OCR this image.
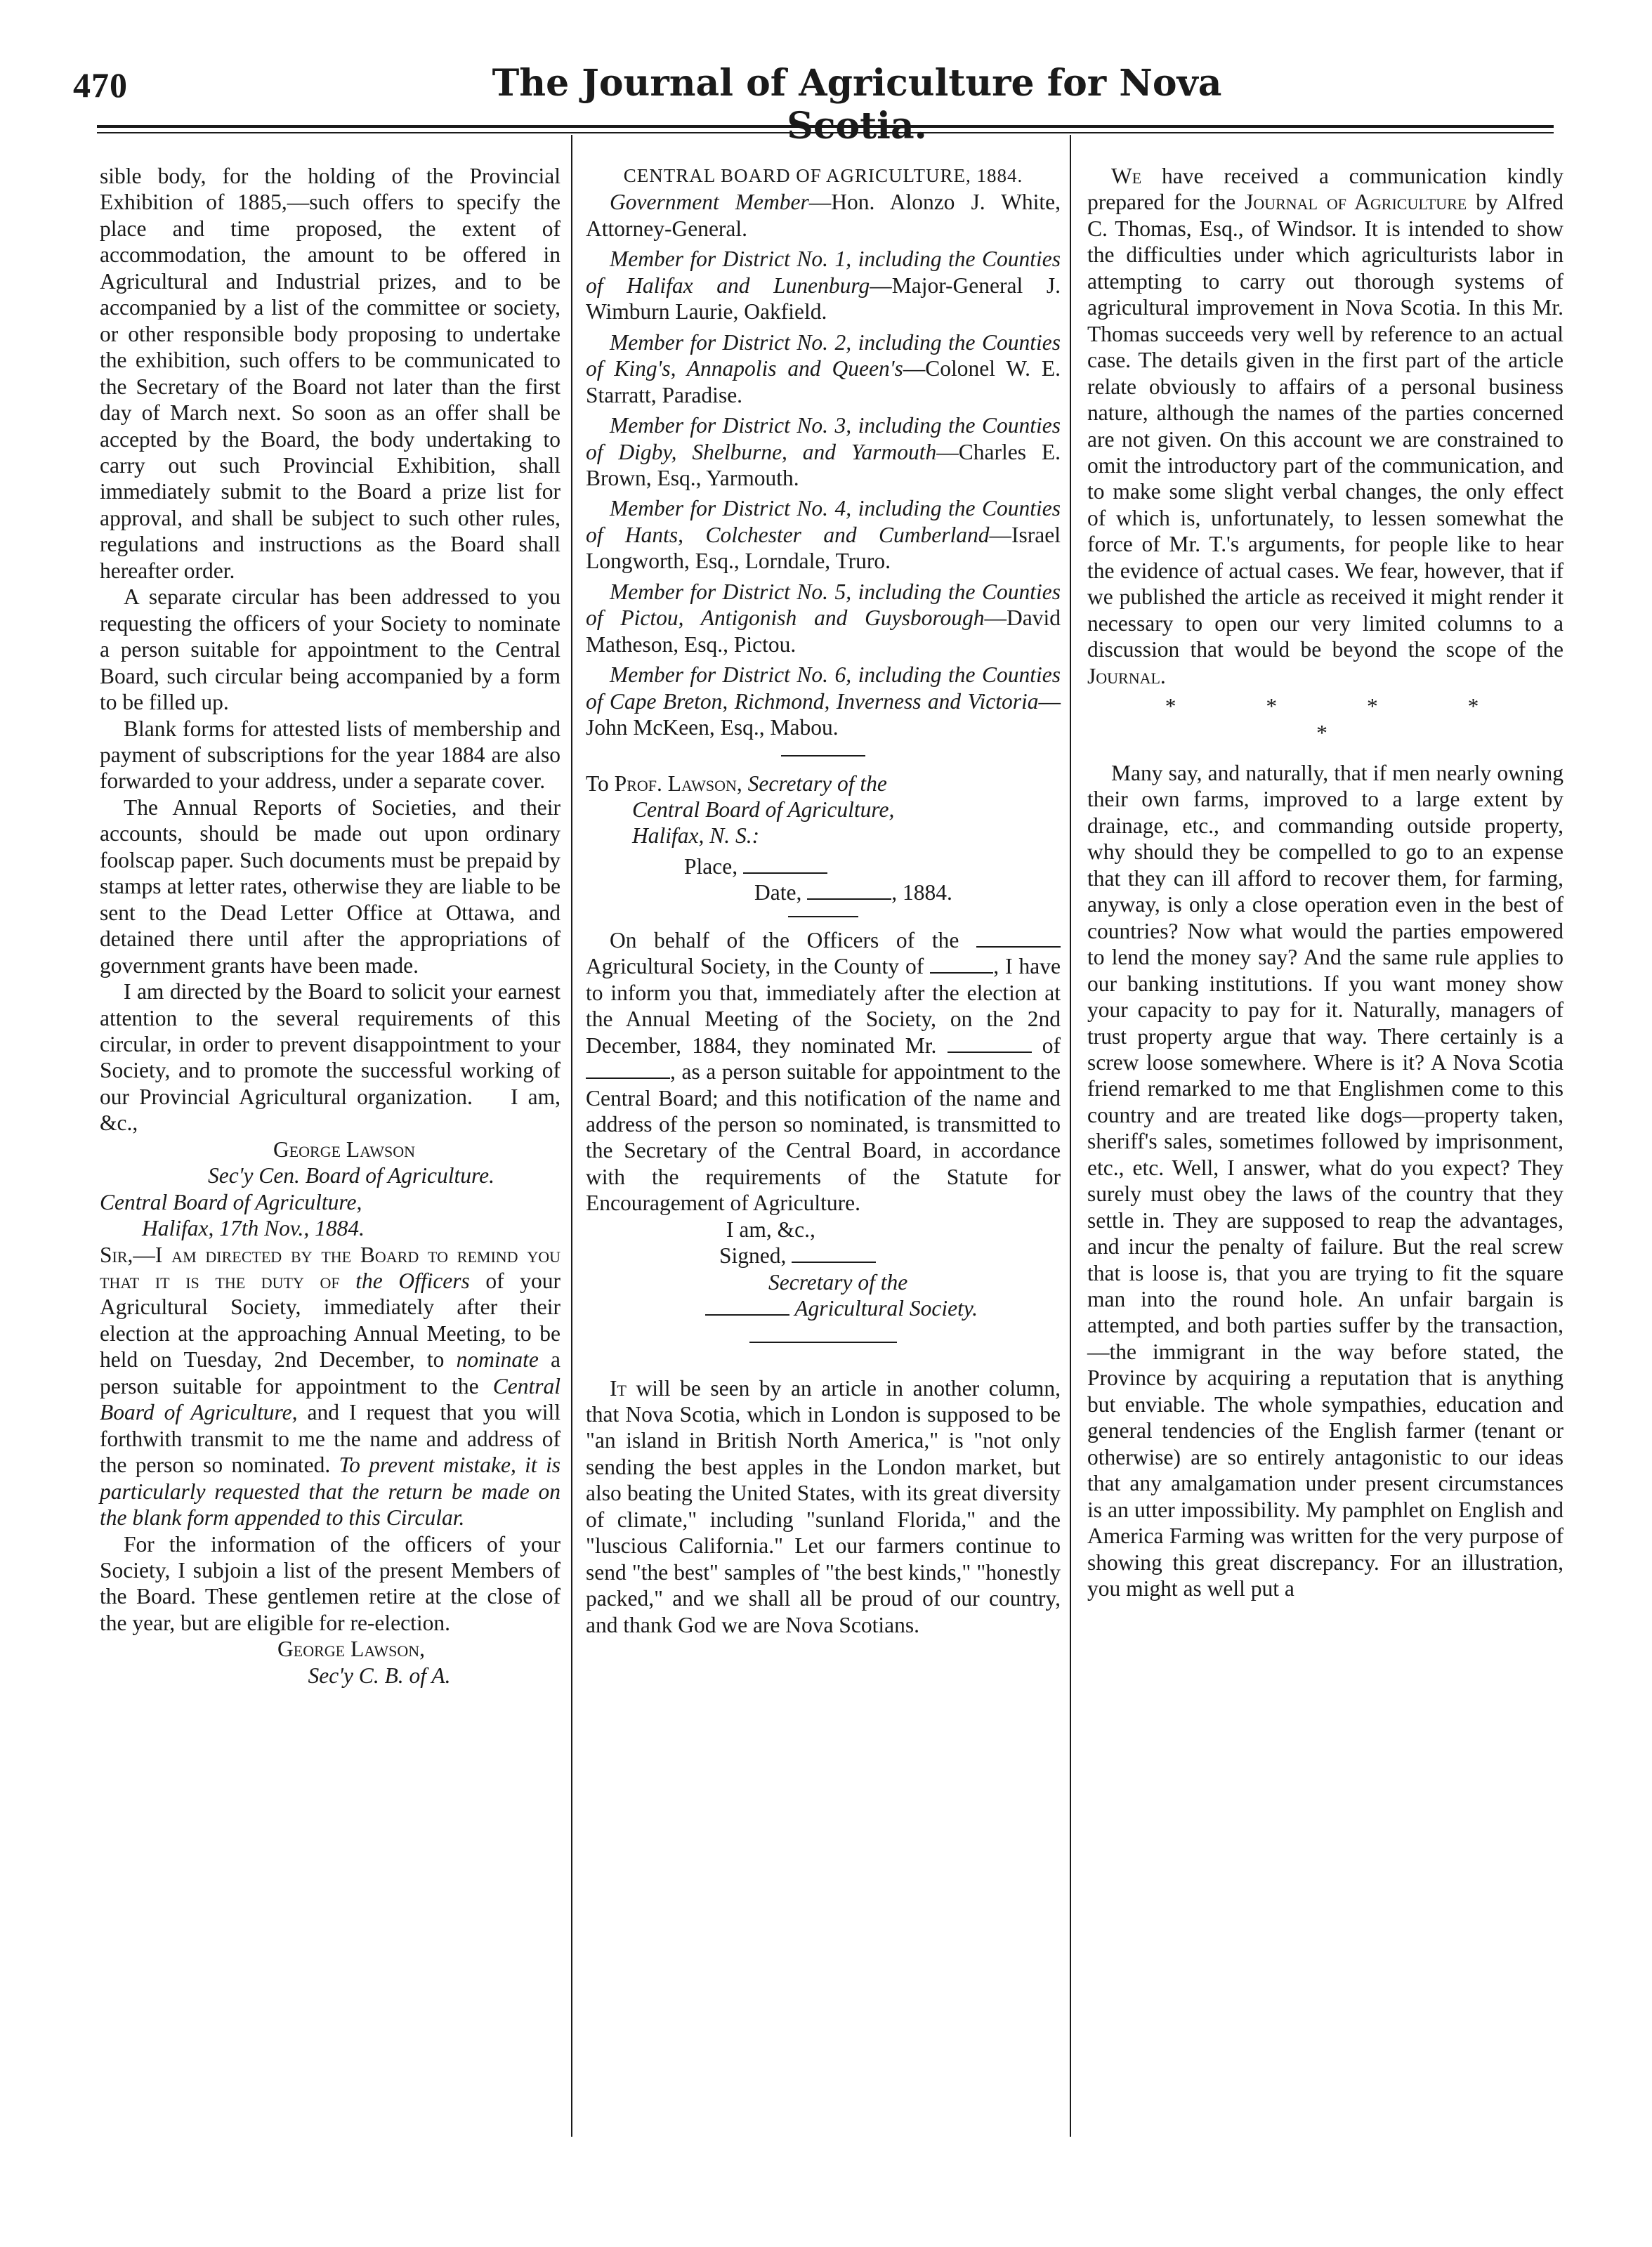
470	The Journal of Agriculture for Nova

sible body, for the holding of the Provincial Exhibition of 1885,—such offers to specify the place and time proposed, the extent of accommodation, the amount to be offered in Agricultural and Industrial prizes, and to be accompanied by a list of the committee or society, or other responsible body proposing to undertake the exhibition, such offers to be communicated to the Secretary of the Board not later than the first day of March next. So soon as an offer shall be accepted by the Board, the body undertaking to carry out such Provincial Exhibition, shall immediately submit to the Board a prize list for approval, and shall be subject to such other rules, regulations and instructions as the Board shall hereafter order.

A separate circular has been addressed to you requesting the officers of your Society to nominate a person suitable for appointment to the Central Board, such circular being accompanied by a form to be filled up.

Blank forms for attested lists of membership and payment of subscriptions for the year 1884 are also forwarded to your address, under a separate cover.

The Annual Reports of Societies, and their accounts, should be made out upon ordinary foolscap paper. Such documents must be prepaid by stamps at letter rates, otherwise they are liable to be sent to the Dead Letter Office at Ottawa, and detained there until after the appropriations of government grants have been made.

I am directed by the Board to solicit your earnest attention to the several requirements of this circular, in order to prevent disappointment to your Society, and to promote the successful working of our Provincial Agricultural organization. I am, &c.,

George Lawson

Sec'y Cen. Board of Agriculture.

Central Board of Agriculture,

Halifax, 17th Nov., 1884.

Sir,—I am directed by the Board to remind you that it is the duty of the Officers of your Agricultural Society, immediately after their election at the approaching Annual Meeting, to be held on Tuesday, 2nd December, to nominate a person suitable for appointment to the Central Board of Agriculture, and I request that you will forthwith transmit to me the name and address of the person so nominated. To prevent mistake, it is particularly requested that the return be made on the blank form appended to this Circular.

For the information of the officers of your Society, I subjoin a list of the present Members of the Board. These gentlemen retire at the close of the year, but are eligible for re-election.

George Lawson,

Sec'y C. B. of A.

CENTRAL BOARD OF AGRICULTURE, 1884.

Government Member—Hon. Alonzo J. White, Attorney-General.

Member for District No. 1, including the Counties of Halifax and Lunenburg—Major-General J. Wimburn Laurie, Oakfield.

Member for District No. 2, including the Counties of King's, Annapolis and Queen's—Colonel W. E. Starratt, Paradise.

Member for District No. 3, including the Counties of Digby, Shelburne, and Yarmouth—Charles E. Brown, Esq., Yarmouth.

Member for District No. 4, including the Counties of Hants, Colchester and Cumberland—Israel Longworth, Esq., Lorndale, Truro.

Member for District No. 5, including the Counties of Pictou, Antigonish and Guysborough—David Matheson, Esq., Pictou.

Member for District No. 6, including the Counties of Cape Breton, Richmond, Inverness and Victoria—John McKeen, Esq., Mabou.

To Prof. Lawson, Secretary of the

Central Board of Agriculture,

Halifax, N. S.:

Place,

Date,	, 1884.

On behalf of the Officers of the  Agricultural Society, in the County of	, I have to inform you that, immediately after the election at the Annual Meeting of the Society, on the 2nd December, 1884, they nominated Mr.	of , as a person suitable for appointment to the Central Board; and this notification of the name and address of the person so nominated, is transmitted to the Secretary of the Central Board, in accordance with the requirements of the Statute for Encouragement of Agriculture.

I am, &c.,

Signed,

Secretary of the

Agricultural Society.

It will be seen by an article in another column, that Nova Scotia, which in London is supposed to be "an island in British North America," is "not only sending the best apples in the London market, but also beating the United States, with its great diversity of climate," including "sunland Florida," and the "luscious California." Let our farmers continue to send "the best" samples of "the best kinds," "honestly packed," and we shall all be proud of our country, and thank God we are Nova Scotians.

We have received a communication kindly prepared for the Journal of Agriculture by Alfred C. Thomas, Esq., of Windsor. It is intended to show the difficulties under which agriculturists labor in attempting to carry out thorough systems of agricultural improvement in Nova Scotia. In this Mr. Thomas succeeds very well by reference to an actual case. The details given in the first part of the article relate obviously to affairs of a personal business nature, although the names of the parties concerned are not given. On this account we are constrained to omit the introductory part of the communication, and to make some slight verbal changes, the only effect of which is, unfortunately, to lessen somewhat the force of Mr. T.'s arguments, for people like to hear the evidence of actual cases. We fear, however, that if we published the article as received it might render it necessary to open our very limited columns to a discussion that would be beyond the scope of the Journal.

* * * * *

Many say, and naturally, that if men nearly owning their own farms, improved to a large extent by drainage, etc., and commanding outside property, why should they be compelled to go to an expense that they can ill afford to recover them, for farming, anyway, is only a close operation even in the best of countries? Now what would the parties empowered to lend the money say? And the same rule applies to our banking institutions. If you want money show your capacity to pay for it. Naturally, managers of trust property argue that way. There certainly is a screw loose somewhere. Where is it? A Nova Scotia friend remarked to me that Englishmen come to this country and are treated like dogs—property taken, sheriff's sales, sometimes followed by imprisonment, etc., etc. Well, I answer, what do you expect? They surely must obey the laws of the country that they settle in. They are supposed to reap the advantages, and incur the penalty of failure. But the real screw that is loose is, that you are trying to fit the square man into the round hole. An unfair bargain is attempted, and both parties suffer by the transaction,—the immigrant in the way before stated, the Province by acquiring a reputation that is anything but enviable. The whole sympathies, education and general tendencies of the English farmer (tenant or otherwise) are so entirely antagonistic to our ideas that any amalgamation under present circumstances is an utter impossibility. My pamphlet on English and America Farming was written for the very purpose of showing this great discrepancy. For an illustration, you might as well put a
